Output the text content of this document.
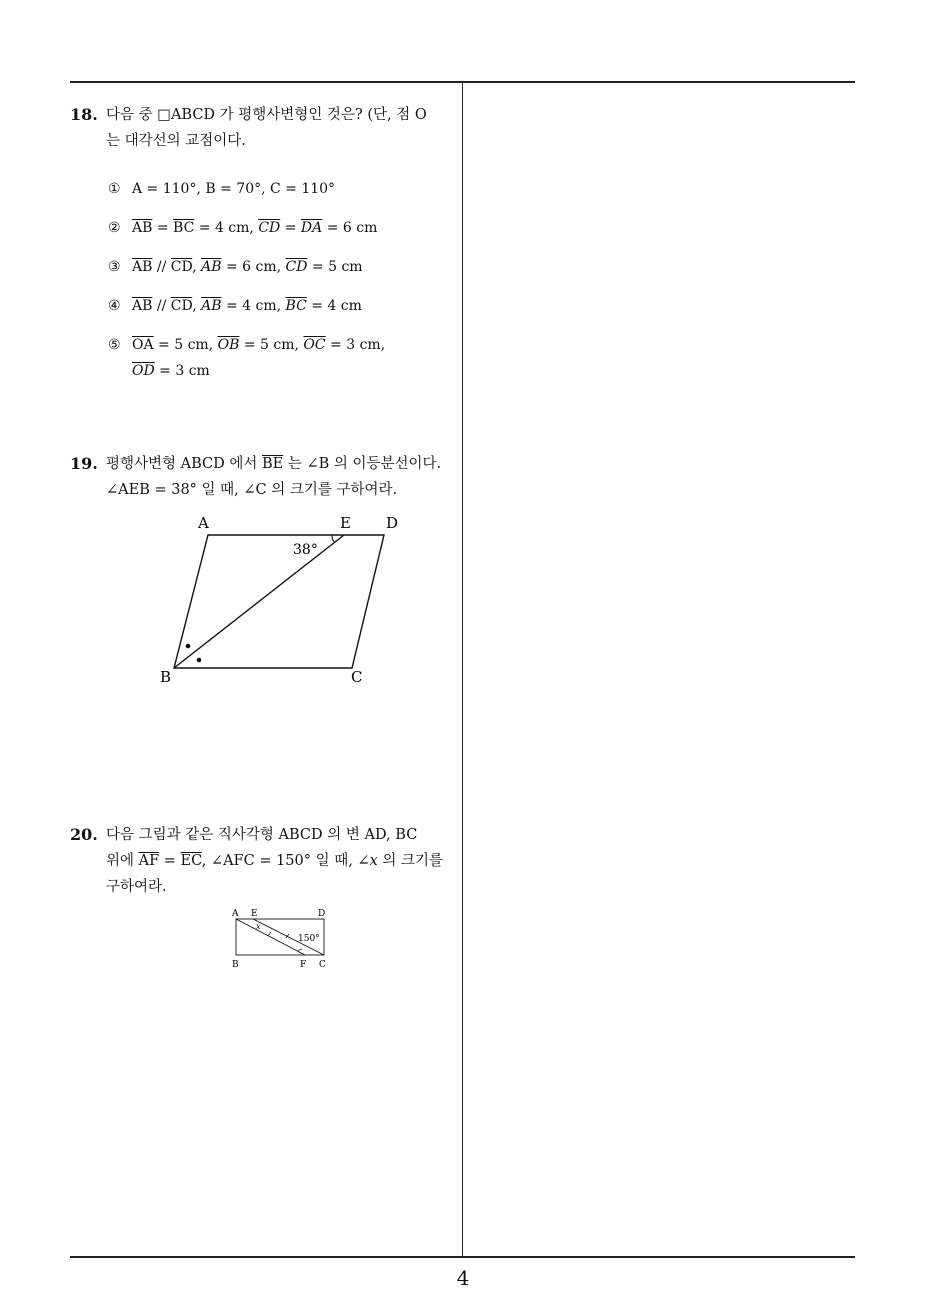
18. 다음 중 □ABCD 가 평행사변형인 것은? (단, 점 O
는 대각선의 교점이다.
① A = 110°, B = 70°, C = 110°
② $\overline{AB} = \overline{BC} = 4$ cm, $\overline{CD} = \overline{DA} = 6$ cm
③ $\overline{AB} // \overline{CD}$, $\overline{AB} = 6$ cm, $\overline{CD} = 5$ cm
④ $\overline{AB} // \overline{CD}$, $\overline{AB} = 4$ cm, $\overline{BC} = 4$ cm
⑤ $\overline{OA} = 5$ cm, $\overline{OB} = 5$ cm, $\overline{OC} = 3$ cm,
$\overline{OD} = 3$ cm
19. 평행사변형 ABCD 에서 $\overline{BE}$ 는 ∠B 의 이등분선이다.
∠AEB = 38° 일 때, ∠C 의 크기를 구하여라.
A	E D
B	C
38°
20. 다음 그림과 같은 직사각형 ABCD 의 변 AD, BC
위에 $\overline{AF} = \overline{EC}$, ∠AFC = 150° 일 때, ∠x 의 크기를
구하여라.
A E	D
B	F C
x
150°
4
